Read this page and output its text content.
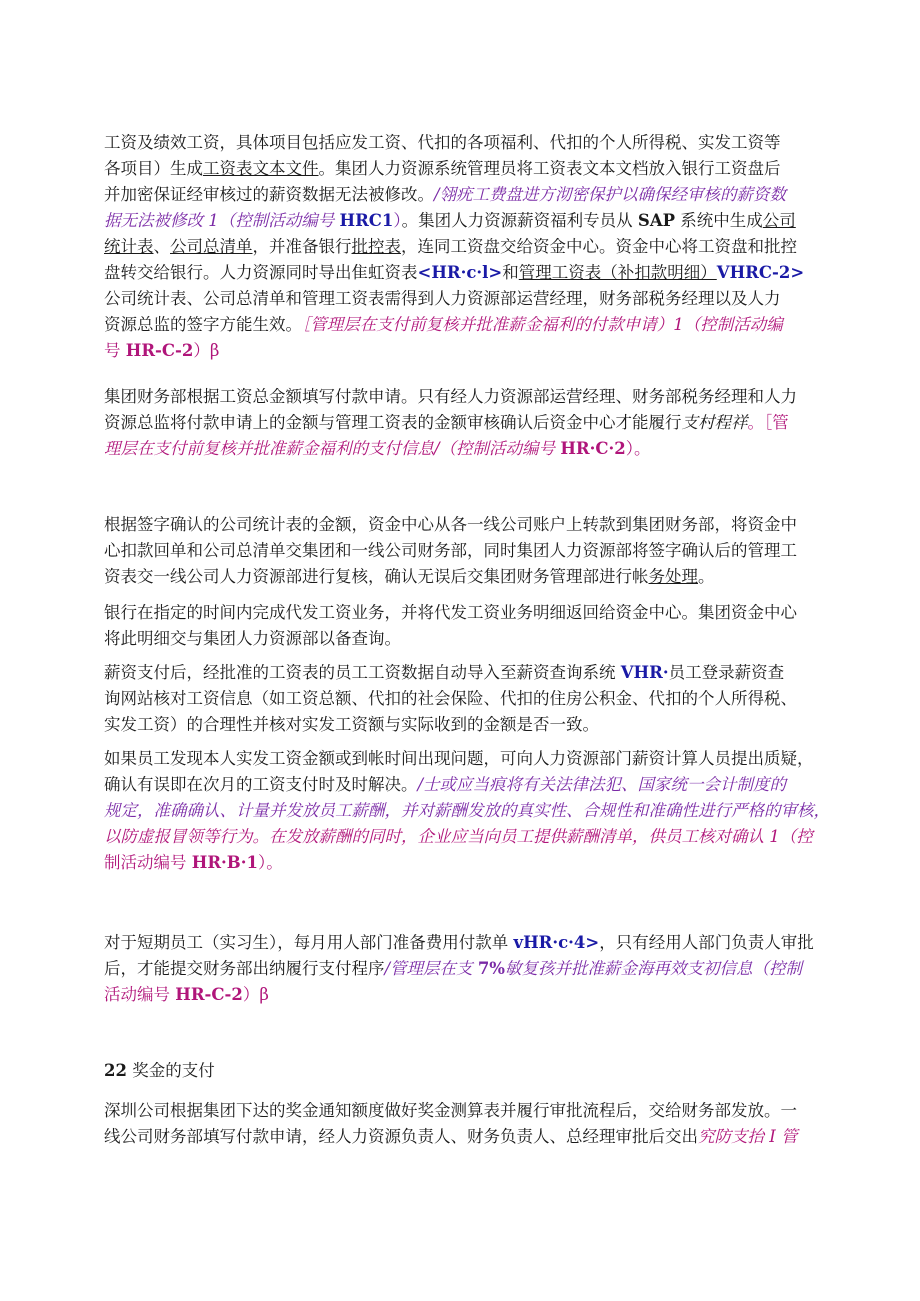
工资及绩效工资，具体项目包括应发工资、代扣的各项福利、代扣的个人所得税、实发工资等
各项目）生成工资表文本文件。集团人力资源系统管理员将工资表文本文档放入银行工资盘后
并加密保证经审核过的薪资数据无法被修改。/翎疣工费盘进方沏密保护以确保经审核的薪资数
据无法被修改 1（控制活动编号 HRC1）。集团人力资源薪资福利专员从 SAP 系统中生成公司
统计表、公司总清单，并准备银行批控表，连同工资盘交给资金中心。资金中心将工资盘和批控
盘转交给银行。人力资源同时导出隹虹资表<HR·c·l>和管理工资表（补扣款明细）VHRC-2>
公司统计表、公司总清单和管理工资表需得到人力资源部运营经理，财务部税务经理以及人力
资源总监的签字方能生效。［管理层在支付前复核并批准薪金福利的付款申请）1（控制活动编
号 HR-C-2）β
集团财务部根据工资总金额填写付款申请。只有经人力资源部运营经理、财务部税务经理和人力
资源总监将付款申请上的金额与管理工资表的金额审核确认后资金中心才能履行支村程祥。［管
理层在支付前复核并批准薪金福利的支付信息/（控制活动编号 HR·C·2）。
根据签字确认的公司统计表的金额，资金中心从各一线公司账户上转款到集团财务部，将资金中
心扣款回单和公司总清单交集团和一线公司财务部，同时集团人力资源部将签字确认后的管理工
资表交一线公司人力资源部进行复核，确认无误后交集团财务管理部进行帐务处理。
银行在指定的时间内完成代发工资业务，并将代发工资业务明细返回给资金中心。集团资金中心
将此明细交与集团人力资源部以备查询。
薪资支付后，经批准的工资表的员工工资数据自动导入至薪资查询系统 VHR·员工登录薪资查
询网站核对工资信息（如工资总额、代扣的社会保险、代扣的住房公积金、代扣的个人所得税、
实发工资）的合理性并核对实发工资额与实际收到的金额是否一致。
如果员工发现本人实发工资金额或到帐时间出现问题，可向人力资源部门薪资计算人员提出质疑，
确认有误即在次月的工资支付时及时解决。/士或应当痕将有关法律法犯、国家统一会计制度的
规定，准确确认、计量并发放员工薪酬，并对薪酬发放的真实性、合规性和准确性进行严格的审核，
以防虚报冒领等行为。在发放薪酬的同时，企业应当向员工提供薪酬清单，供员工核对确认 1（控
制活动编号 HR·B·1）。
对于短期员工（实习生），每月用人部门准备费用付款单 vHR·c·4>，只有经用人部门负责人审批
后，才能提交财务部出纳履行支付程序/管理层在支 7%敏复孩并批准薪金海再效支初信息（控制
活动编号 HR-C-2）β
22 奖金的支付
深圳公司根据集团下达的奖金通知额度做好奖金测算表并履行审批流程后，交给财务部发放。一
线公司财务部填写付款申请，经人力资源负责人、财务负责人、总经理审批后交出究防支抬 I 管
